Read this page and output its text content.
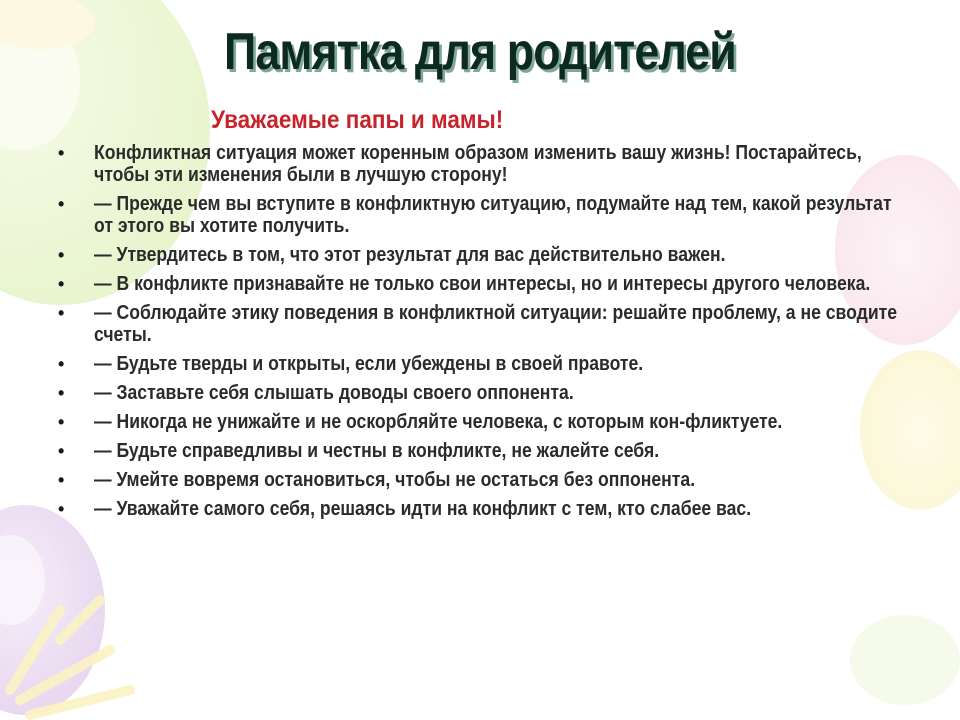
Памятка для родителей

Уважаемые папы и мамы!

•	Конфликтная ситуация может коренным образом изменить вашу жизнь! Постарайтесь, чтобы эти изменения были в лучшую сторону!
•	— Прежде чем вы вступите в конфликтную ситуацию, подумайте над тем, какой результат от этого вы хотите получить.
•	— Утвердитесь в том, что этот результат для вас действительно важен.
•	— В конфликте признавайте не только свои интересы, но и интересы другого человека.
•	— Соблюдайте этику поведения в конфликтной ситуации: решайте проблему, а не сводите счеты.
•	— Будьте тверды и открыты, если убеждены в своей правоте.
•	— Заставьте себя слышать доводы своего оппонента.
•	— Никогда не унижайте и не оскорбляйте человека, с которым кон-фликтуете.
•	— Будьте справедливы и честны в конфликте, не жалейте себя.
•	— Умейте вовремя остановиться, чтобы не остаться без оппонента.
•	— Уважайте самого себя, решаясь идти на конфликт с тем, кто слабее вас.
